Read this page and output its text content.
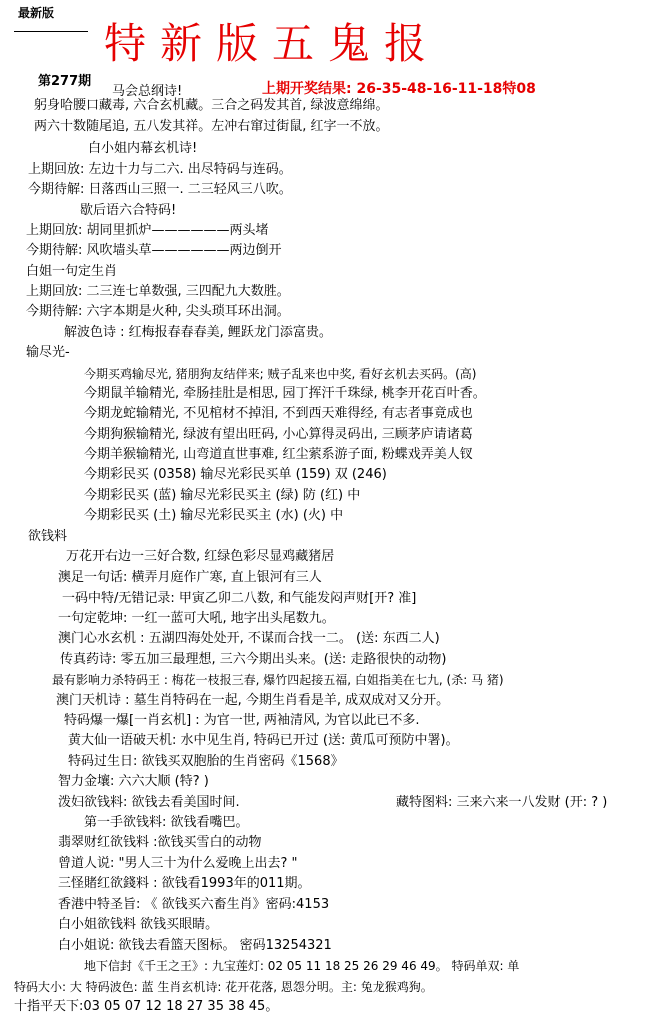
最新版
特新版五鬼报
第277期
马会总纲诗!	上期开奖结果: 26-35-48-16-11-18特08
躬身哈腰口藏毒, 六合玄机藏。三合之码发其首, 绿波意绵绵。
两六十数随尾追, 五八发其祥。左冲右窜过街鼠, 红字一不放。
白小姐内幕玄机诗!
上期回放: 左边十力与二六. 出尽特码与连码。
今期待解: 日落西山三照一. 二三轻风三八吹。
歇后语六合特码!
上期回放: 胡同里抓炉——————两头堵
今期待解: 风吹墙头草——————两边倒开
白姐一句定生肖
上期回放: 二三连七单数强, 三四配九大数胜。
今期待解: 六字本期是火种, 尖头琐耳环出洞。
解波色诗 : 红梅报春春春美, 鲤跃龙门添富贵。
输尽光-
今期买鸡输尽光, 猪朋狗友结伴来; 贼子乱来也中奖, 看好玄机去买码。(高)
今期鼠羊输精光, 牵肠挂肚是相思, 园丁挥汗千珠绿, 桃李开花百叶香。
今期龙蛇输精光, 不见棺材不掉泪, 不到西天难得经, 有志者事竟成也
今期狗猴输精光, 绿波有望出旺码, 小心算得灵码出, 三顾茅庐请诸葛
今期羊猴输精光, 山弯道直世事难, 红尘萦系游子面, 粉蝶戏弄美人钗
今期彩民买 (0358) 输尽光彩民买单 (159) 双 (246)
今期彩民买 (蓝) 输尽光彩民买主 (绿) 防 (红) 中
今期彩民买 (土) 输尽光彩民买主 (水) (火) 中
欲钱料
万花开右边一三好合数, 红绿色彩尽显鸡藏猪居
澳足一句话: 横弄月庭作广寒, 直上银河有三人
一码中特/无错记录: 甲寅乙卯二八数, 和气能发闷声财[开? 准]
一句定乾坤: 一红一蓝可大吼, 地字出头尾数九。
澳门心水玄机 : 五湖四海处处开, 不谋而合找一二。 (送: 东西二人)
传真药诗: 零五加三最理想, 三六今期出头来。(送: 走路很快的动物)
最有影响力杀特码王 : 梅花一枝报三春, 爆竹四起接五福, 白姐指美在七九, (杀: 马 猪)
澳门天机诗 : 墓生肖特码在一起, 今期生肖看是羊, 成双成对又分开。
特码爆一爆[一肖玄机] : 为官一世, 两袖清风, 为官以此已不多.
黄大仙一语破天机: 水中见生肖, 特码已开过 (送: 黄瓜可预防中署)。
特码过生日: 欲钱买双胞胎的生肖密码《1568》
智力金壤: 六六大顺 (特? )
泼妇欲钱料: 欲钱去看美国时间.	藏特图料: 三来六来一八发财 (开: ? )
第一手欲钱料: 欲钱看嘴巴。
翡翠财红欲钱料 :欲钱买雪白的动物
曾道人说: "男人三十为什么爱晚上出去? "
三怪賭红欲錢料 : 欲钱看1993年的011期。
香港中特圣旨: 《 欲钱买六畜生肖》密码:4153
白小姐欲钱料 欲钱买眼睛。
白小姐说: 欲钱去看篮天图标。 密码13254321
地下信封《千王之王》: 九宝莲灯: 02 05 11 18 25 26 29 46 49。 特码单双: 单
特码大小: 大 特码波色: 蓝 生肖玄机诗: 花开花落, 恩怨分明。主: 兔龙猴鸡狗。
十指平天下:03 05 07 12 18 27 35 38 45。
